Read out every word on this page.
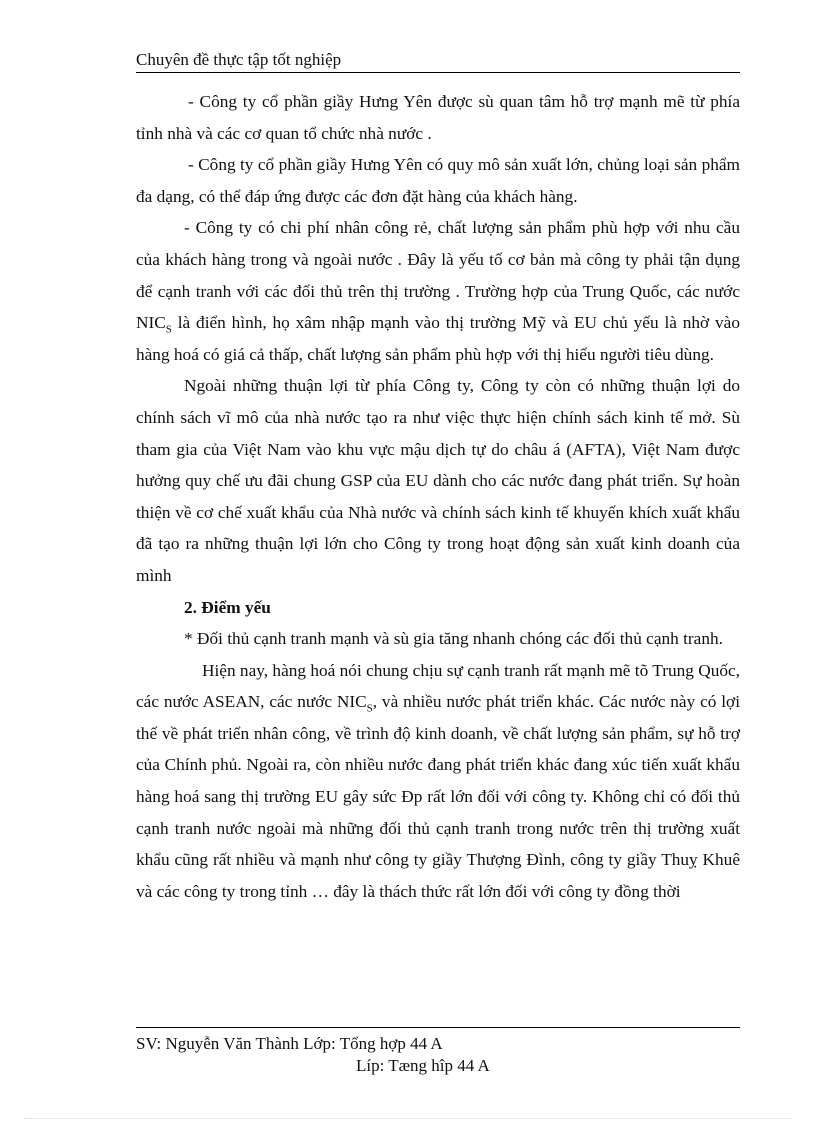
Chuyên đề thực tập tốt nghiệp

- Công ty cổ phần giầy Hưng Yên được sù quan tâm hỗ trợ mạnh mẽ từ phía tỉnh nhà và các cơ quan tổ chức nhà nước .

- Công ty cổ phần giầy Hưng Yên có quy mô sản xuất lớn, chủng loại sản phẩm đa dạng, có thể đáp ứng được các đơn đặt hàng của khách hàng.

- Công ty có chi phí nhân công rẻ, chất lượng sản phẩm phù hợp với nhu cầu của khách hàng trong và ngoài nước . Đây là yếu tố cơ bản mà công ty phải tận dụng để cạnh tranh với các đối thủ trên thị trường . Trường hợp của Trung Quốc, các nước $NIC_S$ là điển hình, họ xâm nhập mạnh vào thị trường Mỹ và EU chủ yếu là nhờ vào hàng hoá có giá cả thấp, chất lượng sản phẩm phù hợp với thị hiếu người tiêu dùng.

Ngoài những thuận lợi từ phía Công ty, Công ty còn có những thuận lợi do chính sách vĩ mô của nhà nước tạo ra như việc thực hiện chính sách kinh tế mở. Sù tham gia của Việt Nam vào khu vực mậu dịch tự do châu á (AFTA), Việt Nam được hưởng quy chế ưu đãi chung GSP của EU dành cho các nước đang phát triển. Sự hoàn thiện về cơ chế xuất khẩu của Nhà nước và chính sách kinh tế khuyến khích xuất khẩu đã tạo ra những thuận lợi lớn cho Công ty trong hoạt động sản xuất kinh doanh của mình

2. Điểm yếu

* Đối thủ cạnh tranh mạnh và sù gia tăng nhanh chóng các đối thủ cạnh tranh.

Hiện nay, hàng hoá nói chung chịu sự cạnh tranh rất mạnh mẽ tõ Trung Quốc, các nước ASEAN, các nước $NIC_S$, và nhiều nước phát triển khác. Các nước này có lợi thế về phát triển nhân công, về trình độ kinh doanh, về chất lượng sản phẩm, sự hỗ trợ của Chính phủ. Ngoài ra, còn nhiều nước đang phát triển khác đang xúc tiến xuất khẩu hàng hoá sang thị trường EU gây sức Ðp rất lớn đối với công ty. Không chỉ có đối thủ cạnh tranh nước ngoài mà những đối thủ cạnh tranh trong nước trên thị trường xuất khẩu cũng rất nhiều và mạnh như công ty giầy Thượng Đình, công ty giầy Thuỵ Khuê và các công ty trong tỉnh … đây là thách thức rất lớn đối với công ty đồng thời

SV: Nguyễn Văn Thành Lớp: Tổng hợp 44 A
Líp: Tæng hîp 44 A
